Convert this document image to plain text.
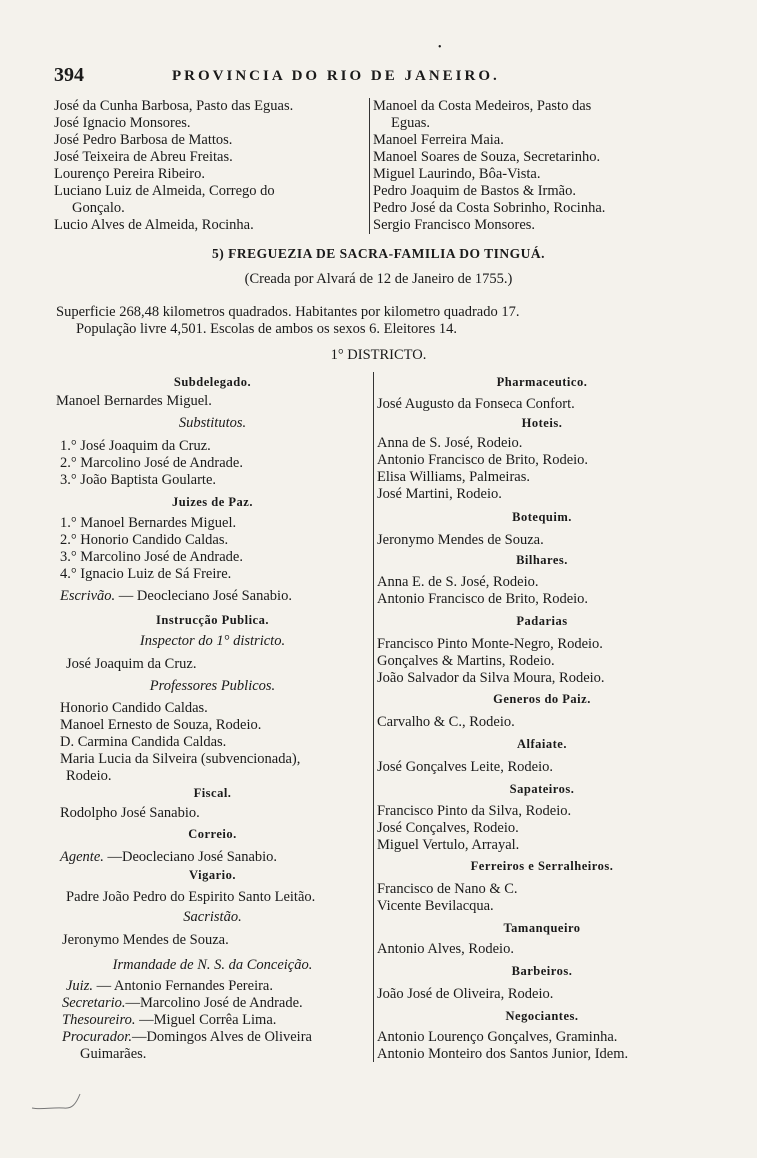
•
394	PROVINCIA DO RIO DE JANEIRO.
José da Cunha Barbosa, Pasto das Eguas.
José Ignacio Monsores.
José Pedro Barbosa de Mattos.
José Teixeira de Abreu Freitas.
Lourenço Pereira Ribeiro.
Luciano Luiz de Almeida, Corrego do
Gonçalo.
Lucio Alves de Almeida, Rocinha.
Manoel da Costa Medeiros, Pasto das
Eguas.
Manoel Ferreira Maia.
Manoel Soares de Souza, Secretarinho.
Miguel Laurindo, Bôa-Vista.
Pedro Joaquim de Bastos & Irmão.
Pedro José da Costa Sobrinho, Rocinha.
Sergio Francisco Monsores.
5) FREGUEZIA DE SACRA-FAMILIA DO TINGUÁ.
(Creada por Alvará de 12 de Janeiro de 1755.)
Superficie 268,48 kilometros quadrados. Habitantes por kilometro quadrado 17.
População livre 4,501. Escolas de ambos os sexos 6. Eleitores 14.
1° DISTRICTO.
Subdelegado.
Manoel Bernardes Miguel.
Substitutos.
1.° José Joaquim da Cruz.
2.° Marcolino José de Andrade.
3.° João Baptista Goularte.
Juizes de Paz.
1.° Manoel Bernardes Miguel.
2.° Honorio Candido Caldas.
3.° Marcolino José de Andrade.
4.° Ignacio Luiz de Sá Freire.
Escrivão. — Deocleciano José Sanabio.
Instrucção Publica.
Inspector do 1° districto.
José Joaquim da Cruz.
Professores Publicos.
Honorio Candido Caldas.
Manoel Ernesto de Souza, Rodeio.
D. Carmina Candida Caldas.
Maria Lucia da Silveira (subvencionada),
Rodeio.
Fiscal.
Rodolpho José Sanabio.
Correio.
Agente. —Deocleciano José Sanabio.
Vigario.
Padre João Pedro do Espirito Santo Leitão.
Sacristão.
Jeronymo Mendes de Souza.
Irmandade de N. S. da Conceição.
Juiz. — Antonio Fernandes Pereira.
Secretario.—Marcolino José de Andrade.
Thesoureiro. —Miguel Corrêa Lima.
Procurador.—Domingos Alves de Oliveira
Guimarães.
Pharmaceutico.
José Augusto da Fonseca Confort.
Hoteis.
Anna de S. José, Rodeio.
Antonio Francisco de Brito, Rodeio.
Elisa Williams, Palmeiras.
José Martini, Rodeio.
Botequim.
Jeronymo Mendes de Souza.
Bilhares.
Anna E. de S. José, Rodeio.
Antonio Francisco de Brito, Rodeio.
Padarias
Francisco Pinto Monte-Negro, Rodeio.
Gonçalves & Martins, Rodeio.
João Salvador da Silva Moura, Rodeio.
Generos do Paiz.
Carvalho & C., Rodeio.
Alfaiate.
José Gonçalves Leite, Rodeio.
Sapateiros.
Francisco Pinto da Silva, Rodeio.
José Conçalves, Rodeio.
Miguel Vertulo, Arrayal.
Ferreiros e Serralheiros.
Francisco de Nano & C.
Vicente Bevilacqua.
Tamanqueiro
Antonio Alves, Rodeio.
Barbeiros.
João José de Oliveira, Rodeio.
Negociantes.
Antonio Lourenço Gonçalves, Graminha.
Antonio Monteiro dos Santos Junior, Idem.
